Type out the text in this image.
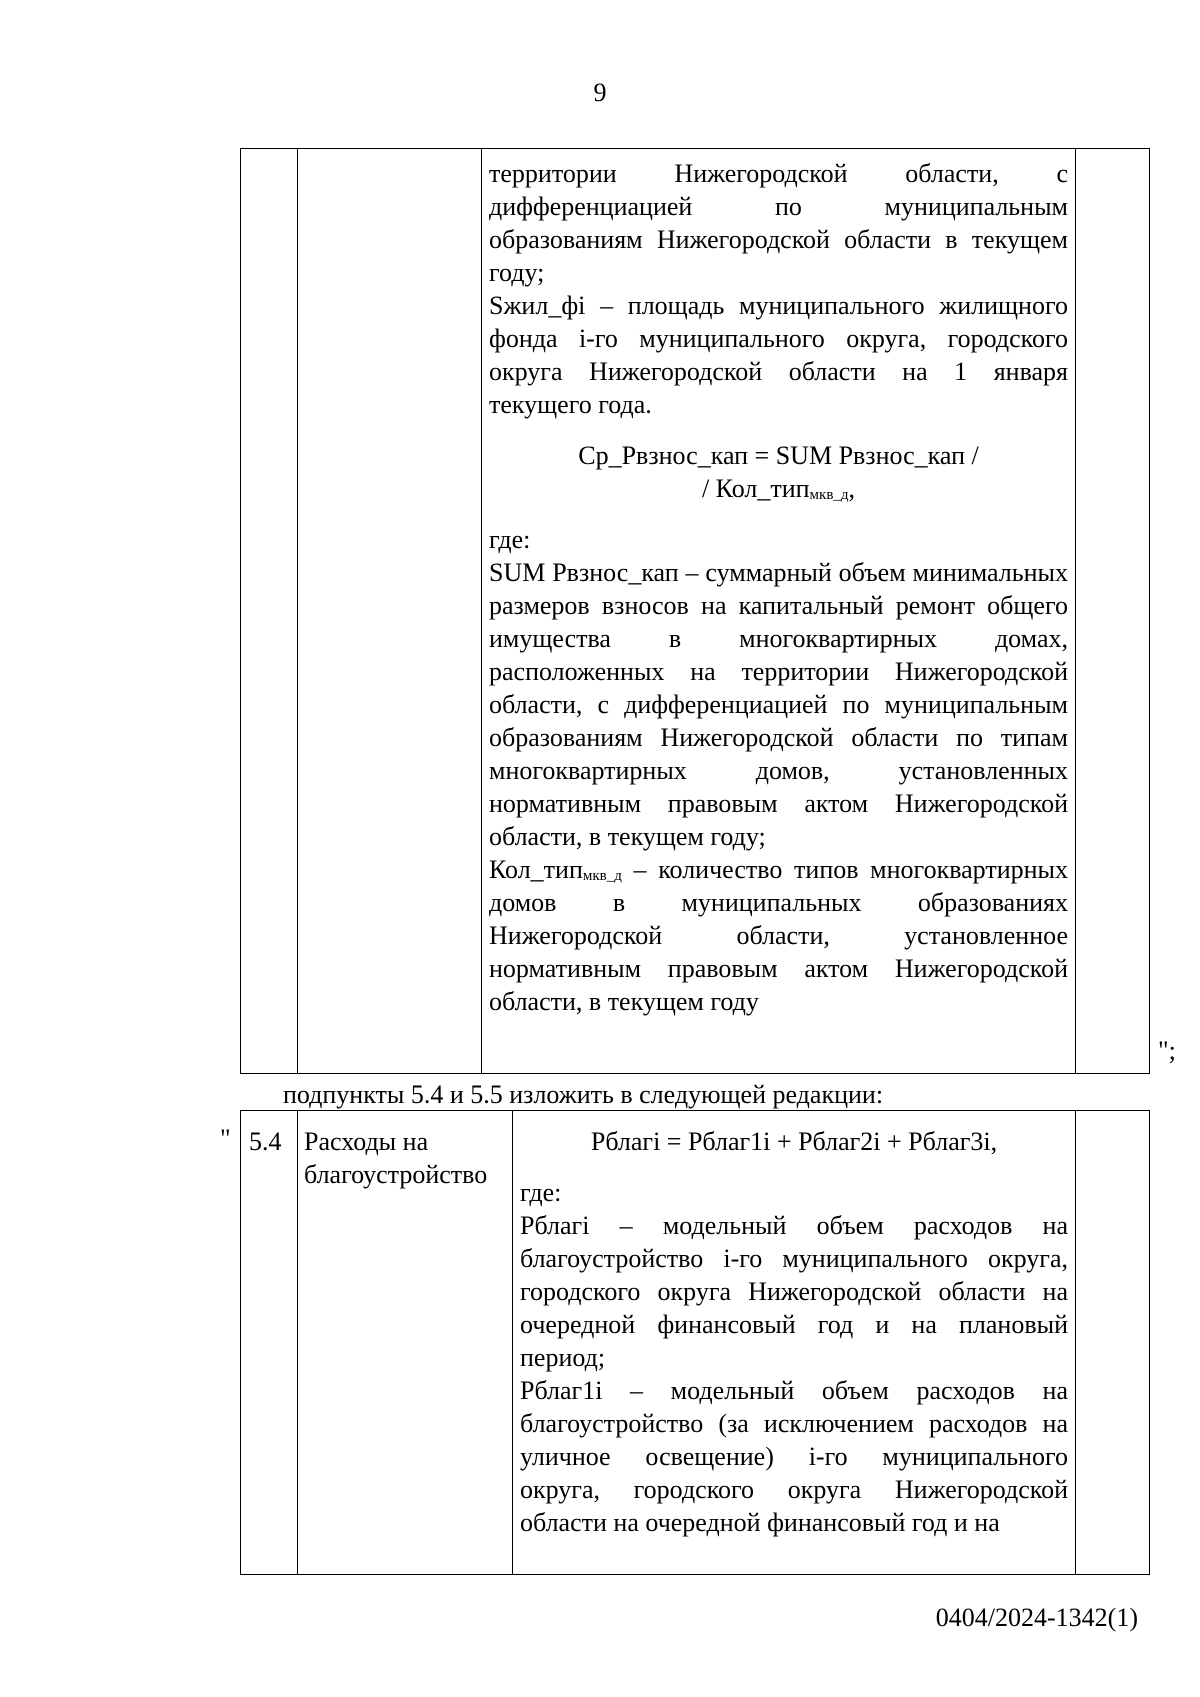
9

территории Нижегородской области, с дифференциацией по муниципальным образованиям Нижегородской области в текущем году;

Sжил_фi – площадь муниципального жилищного фонда i-го муниципального округа, городского округа Нижегородской области на 1 января текущего года.

Ср_Рвзнос_кап = SUM Рвзнос_кап /

/ Кол_тип$_{мкв\_д}$,

где:

SUM Рвзнос_кап – суммарный объем минимальных размеров взносов на капитальный ремонт общего имущества в многоквартирных домах, расположенных на территории Нижегородской области, с дифференциацией по муниципальным образованиям Нижегородской области по типам многоквартирных домов, установленных нормативным правовым актом Нижегородской области, в текущем году;

Кол_тип$_{мкв\_д}$ – количество типов многоквартирных домов в муниципальных образованиях Нижегородской области, установленное нормативным правовым актом Нижегородской области, в текущем году

";
подпункты 5.4 и 5.5 изложить в следующей редакции:
" 5.4	Расходы на благоустройство

Рблагi = Рблаг1i + Рблаг2i + Рблаг3i,

где:

Рблагi – модельный объем расходов на благоустройство i-го муниципального округа, городского округа Нижегородской области на очередной финансовый год и на плановый период;

Рблаг1i – модельный объем расходов на благоустройство (за исключением расходов на уличное освещение) i-го муниципального округа, городского округа Нижегородской области на очередной финансовый год и на

0404/2024-1342(1)
